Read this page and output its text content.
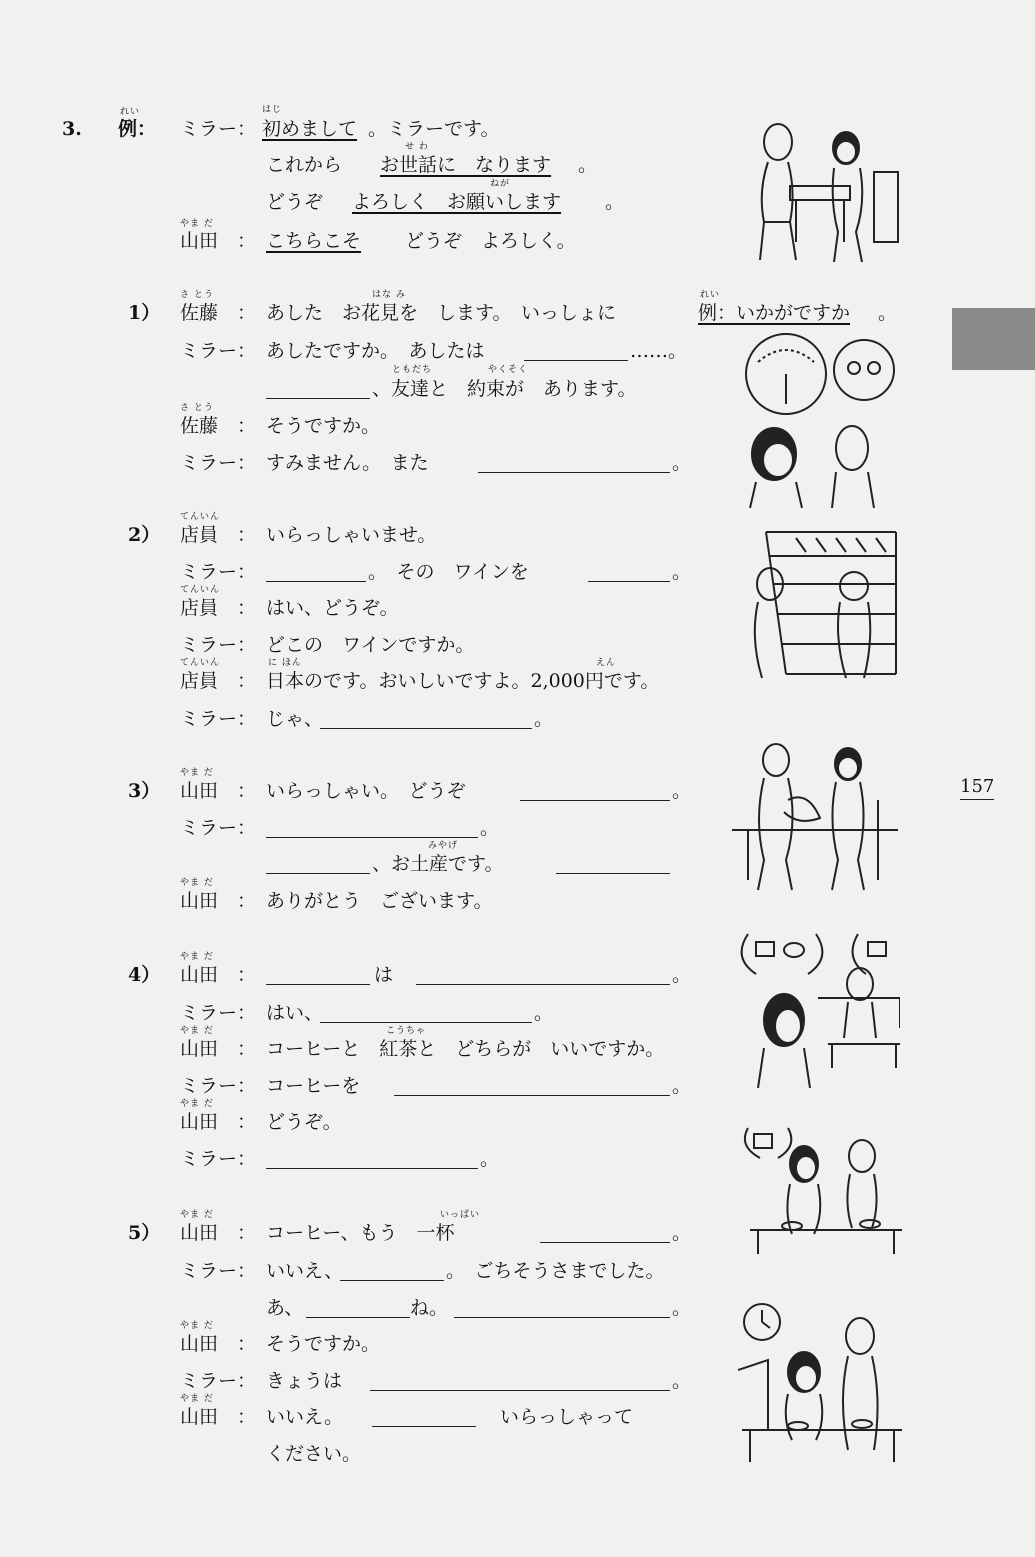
157
3.
れい
例： ミラー：
はじ
初めまして 。ミラーです。
これから
せ わ
お世話に　なります 。
どうぞ
ねが
よろしく　お願いします 。
やま だ
山田　： こちらこそ どうぞ　よろしく。
1）
さ とう
佐藤　：
はな み
あした　お花見を　します。　いっしょに
れい
例：いかがですか 。
ミラー： あしたですか。　あしたは	……。
ともだち	やくそく
、友達と　約束が　あります。
さ とう
佐藤　： そうですか。
ミラー： すみません。　また	。
2）
てんいん
店員　： いらっしゃいませ。
ミラー：	。　その　ワインを	。
てんいん
店員　： はい、どうぞ。
ミラー： どこの　ワインですか。
てんいん	に ほん	えん
店員　： 日本のです。おいしいですよ。2,000円です。
ミラー： じゃ、	。
3）
やま だ
山田　： いらっしゃい。　どうぞ	。
ミラー：	。
みやげ
、お土産です。
やま だ
山田　： ありがとう　ございます。
4）
やま だ
山田　：	は	。
ミラー： はい、	。
やま だ	こうちゃ
山田　： コーヒーと　紅茶と　どちらが　いいですか。
ミラー： コーヒーを	。
やま だ
山田　： どうぞ。
ミラー：	。
5）
やま だ
山田　：
いっぱい
コーヒー、もう　一杯	。
ミラー： いいえ、	。　ごちそうさまでした。
あ、	ね。	。
やま だ
山田　： そうですか。
ミラー： きょうは	。
やま だ
山田　： いいえ。	いらっしゃって
ください。
